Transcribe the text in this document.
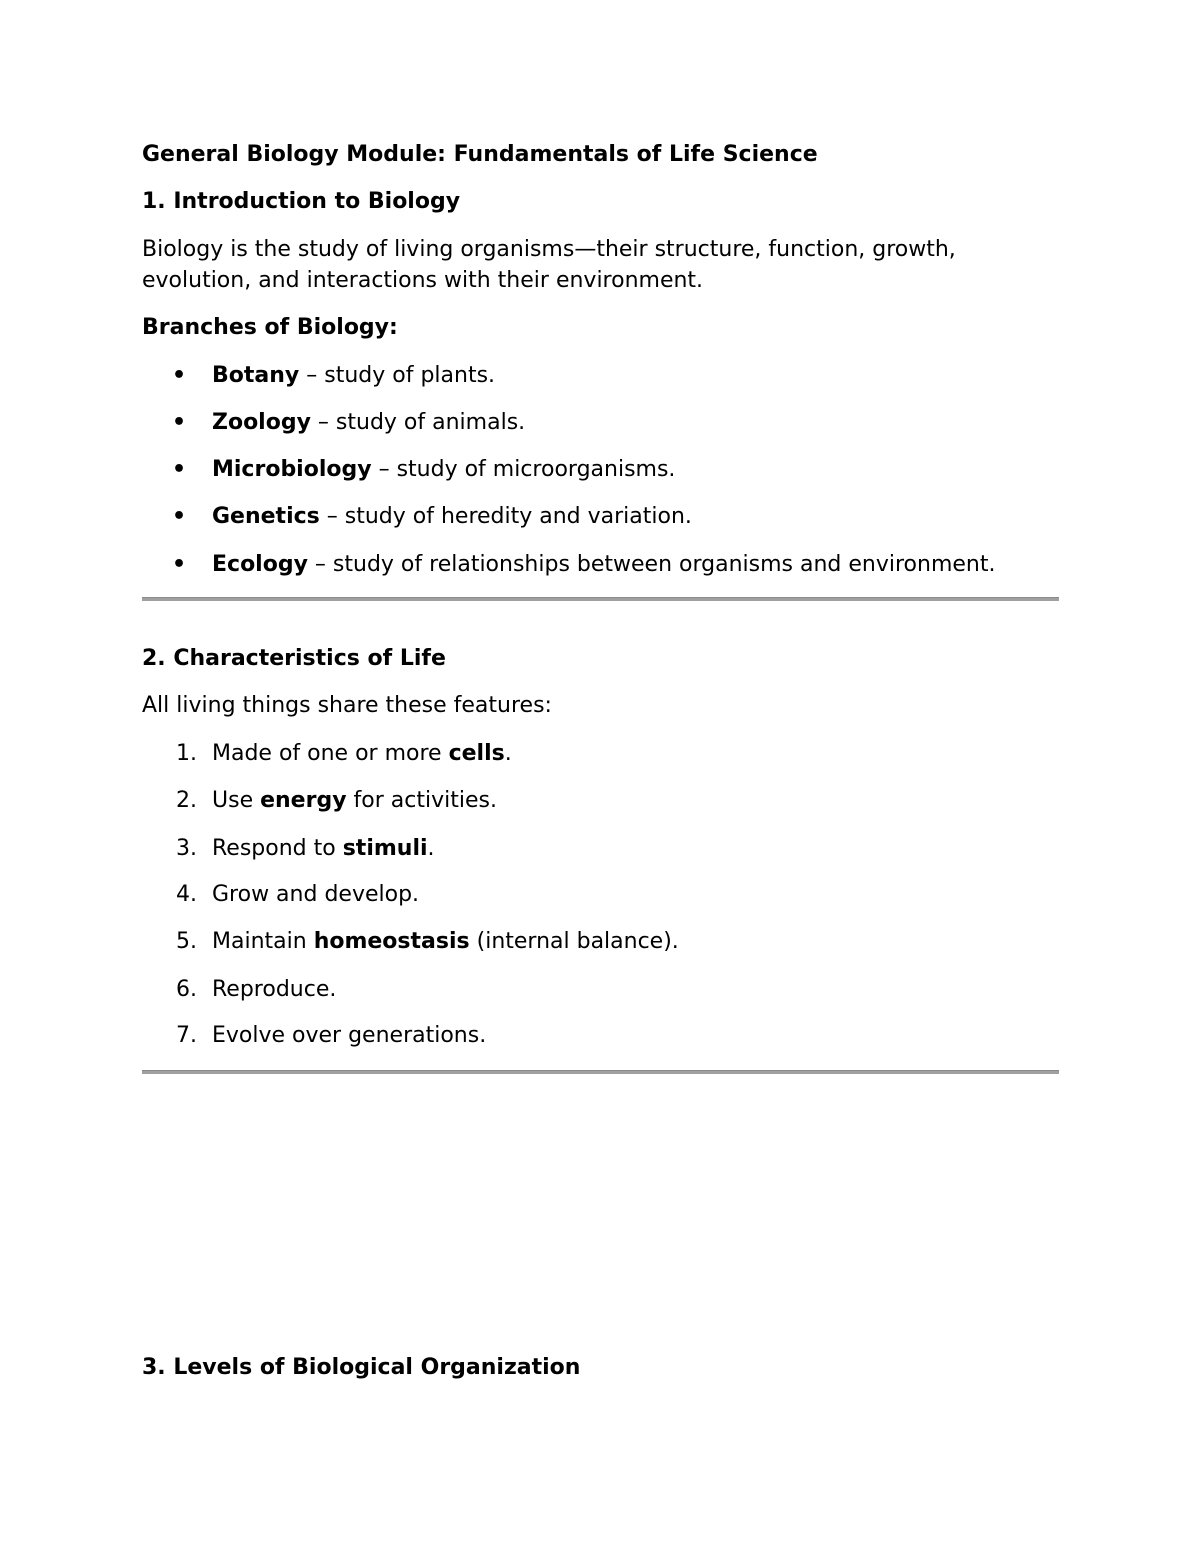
General Biology Module: Fundamentals of Life Science
1. Introduction to Biology
Biology is the study of living organisms—their structure, function, growth,
evolution, and interactions with their environment.
Branches of Biology:
• Botany – study of plants.
• Zoology – study of animals.
• Microbiology – study of microorganisms.
• Genetics – study of heredity and variation.
• Ecology – study of relationships between organisms and environment.
2. Characteristics of Life
All living things share these features:
1. Made of one or more cells.
2. Use energy for activities.
3. Respond to stimuli.
4. Grow and develop.
5. Maintain homeostasis (internal balance).
6. Reproduce.
7. Evolve over generations.
3. Levels of Biological Organization
